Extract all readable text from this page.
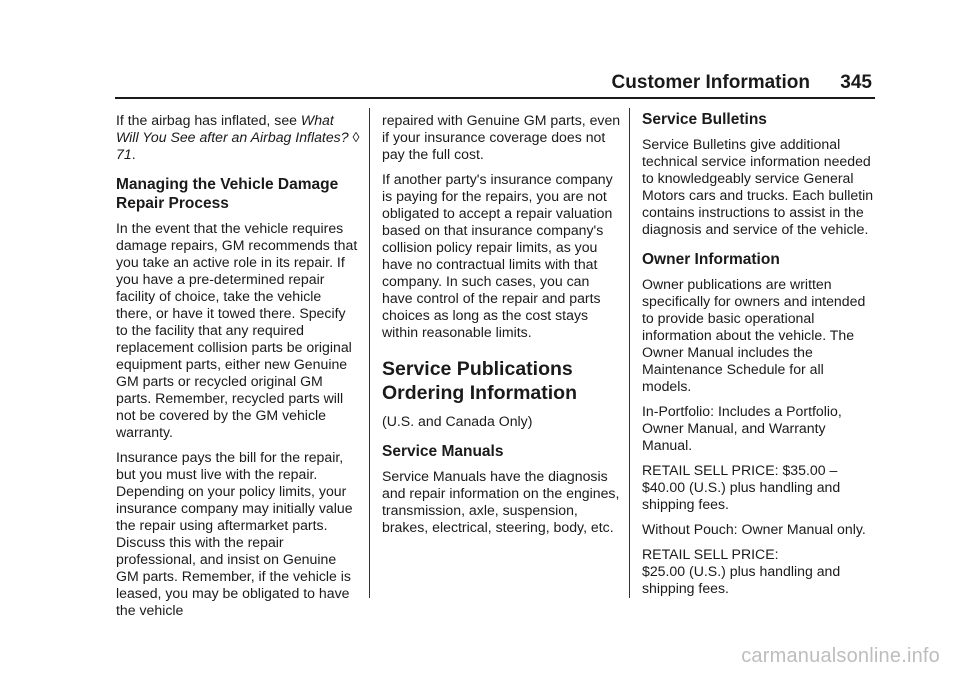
Customer Information 345

If the airbag has inflated, see What Will You See after an Airbag Inflates? ◊ 71.

Managing the Vehicle Damage Repair Process

In the event that the vehicle requires damage repairs, GM recommends that you take an active role in its repair. If you have a pre-determined repair facility of choice, take the vehicle there, or have it towed there. Specify to the facility that any required replacement collision parts be original equipment parts, either new Genuine GM parts or recycled original GM parts. Remember, recycled parts will not be covered by the GM vehicle warranty.

Insurance pays the bill for the repair, but you must live with the repair. Depending on your policy limits, your insurance company may initially value the repair using aftermarket parts. Discuss this with the repair professional, and insist on Genuine GM parts. Remember, if the vehicle is leased, you may be obligated to have the vehicle

repaired with Genuine GM parts, even if your insurance coverage does not pay the full cost.

If another party's insurance company is paying for the repairs, you are not obligated to accept a repair valuation based on that insurance company's collision policy repair limits, as you have no contractual limits with that company. In such cases, you can have control of the repair and parts choices as long as the cost stays within reasonable limits.

Service Publications Ordering Information

(U.S. and Canada Only)

Service Manuals

Service Manuals have the diagnosis and repair information on the engines, transmission, axle, suspension, brakes, electrical, steering, body, etc.

Service Bulletins

Service Bulletins give additional technical service information needed to knowledgeably service General Motors cars and trucks. Each bulletin contains instructions to assist in the diagnosis and service of the vehicle.

Owner Information

Owner publications are written specifically for owners and intended to provide basic operational information about the vehicle. The Owner Manual includes the Maintenance Schedule for all models.

In-Portfolio: Includes a Portfolio, Owner Manual, and Warranty Manual.

RETAIL SELL PRICE: $35.00 – $40.00 (U.S.) plus handling and shipping fees.

Without Pouch: Owner Manual only.

RETAIL SELL PRICE:
$25.00 (U.S.) plus handling and shipping fees.

carmanualsonline.info
